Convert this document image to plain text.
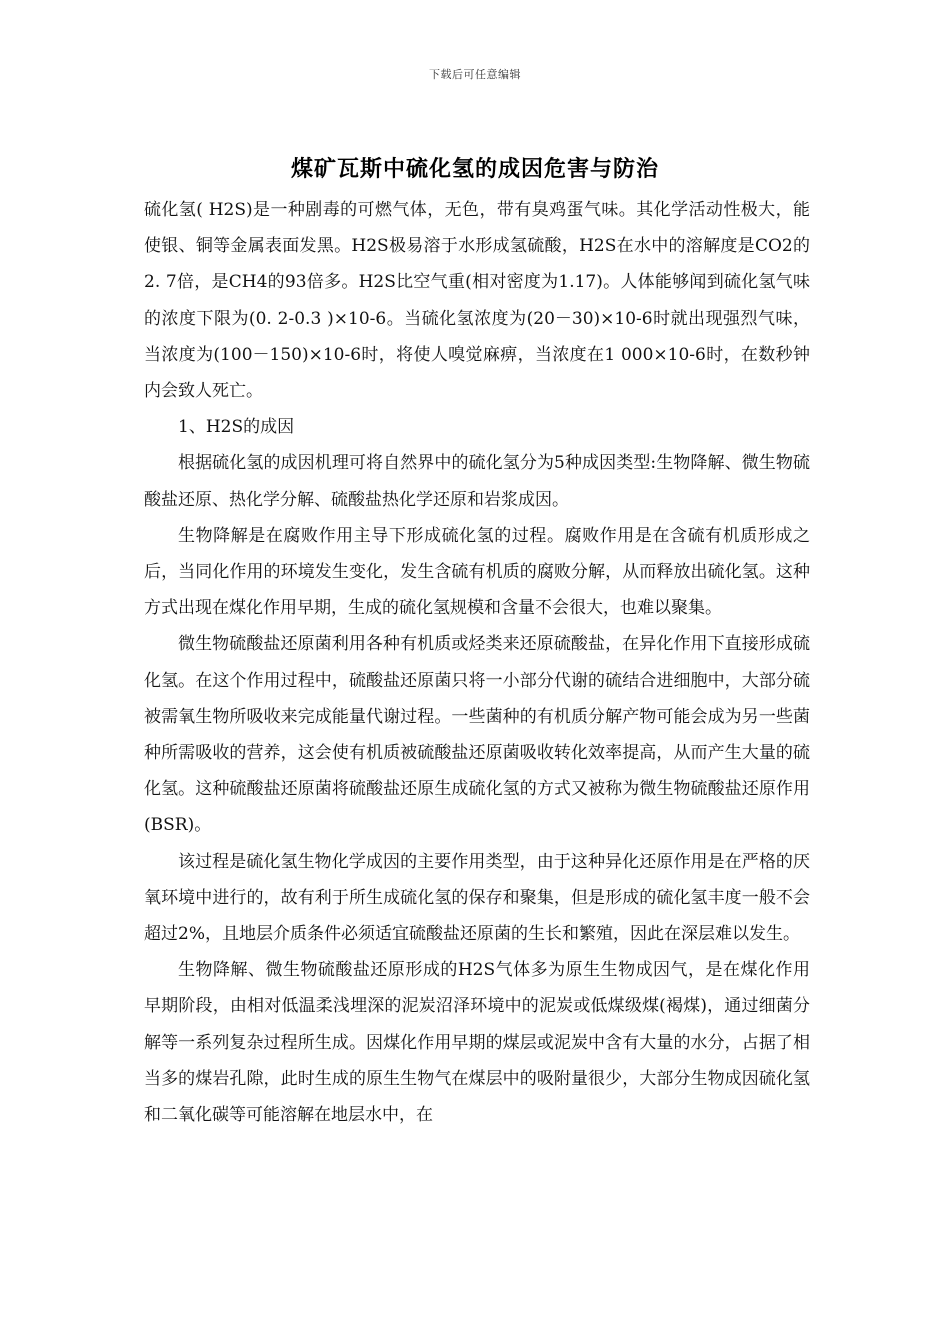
下载后可任意编辑
煤矿瓦斯中硫化氢的成因危害与防治

硫化氢( H2S)是一种剧毒的可燃气体，无色，带有臭鸡蛋气味。其化学活动性极大，能使银、铜等金属表面发黑。H2S极易溶于水形成氢硫酸，H2S在水中的溶解度是CO2的2. 7倍，是CH4的93倍多。H2S比空气重(相对密度为1.17)。人体能够闻到硫化氢气味的浓度下限为(0. 2-0.3 )×10-6。当硫化氢浓度为(20－30)×10-6时就出现强烈气味，当浓度为(100－150)×10-6时，将使人嗅觉麻痹，当浓度在1 000×10-6时，在数秒钟内会致人死亡。

1、H2S的成因

根据硫化氢的成因机理可将自然界中的硫化氢分为5种成因类型:生物降解、微生物硫酸盐还原、热化学分解、硫酸盐热化学还原和岩浆成因。

生物降解是在腐败作用主导下形成硫化氢的过程。腐败作用是在含硫有机质形成之后，当同化作用的环境发生变化，发生含硫有机质的腐败分解，从而释放出硫化氢。这种方式出现在煤化作用早期，生成的硫化氢规模和含量不会很大，也难以聚集。

微生物硫酸盐还原菌利用各种有机质或烃类来还原硫酸盐，在异化作用下直接形成硫化氢。在这个作用过程中，硫酸盐还原菌只将一小部分代谢的硫结合进细胞中，大部分硫被需氧生物所吸收来完成能量代谢过程。一些菌种的有机质分解产物可能会成为另一些菌种所需吸收的营养，这会使有机质被硫酸盐还原菌吸收转化效率提高，从而产生大量的硫化氢。这种硫酸盐还原菌将硫酸盐还原生成硫化氢的方式又被称为微生物硫酸盐还原作用(BSR)。

该过程是硫化氢生物化学成因的主要作用类型，由于这种异化还原作用是在严格的厌氧环境中进行的，故有利于所生成硫化氢的保存和聚集，但是形成的硫化氢丰度一般不会超过2%，且地层介质条件必须适宜硫酸盐还原菌的生长和繁殖，因此在深层难以发生。

生物降解、微生物硫酸盐还原形成的H2S气体多为原生生物成因气，是在煤化作用早期阶段，由相对低温柔浅埋深的泥炭沼泽环境中的泥炭或低煤级煤(褐煤)，通过细菌分解等一系列复杂过程所生成。因煤化作用早期的煤层或泥炭中含有大量的水分，占据了相当多的煤岩孔隙，此时生成的原生生物气在煤层中的吸附量很少，大部分生物成因硫化氢和二氧化碳等可能溶解在地层水中，在
